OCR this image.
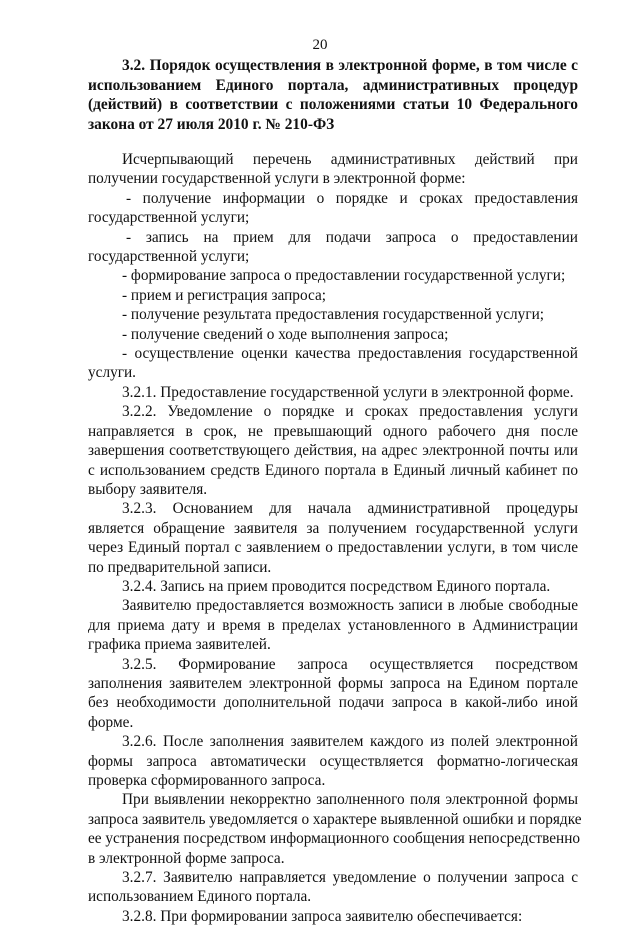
20
3.2. Порядок осуществления в электронной форме, в том числе с
использованием Единого портала, административных процедур
(действий) в соответствии с положениями статьи 10 Федерального
закона от 27 июля 2010 г. № 210-ФЗ
Исчерпывающий перечень административных действий при
получении государственной услуги в электронной форме:
- получение информации о порядке и сроках предоставления
государственной услуги;
- запись на прием для подачи запроса о предоставлении
государственной услуги;
- формирование запроса о предоставлении государственной услуги;
- прием и регистрация запроса;
- получение результата предоставления государственной услуги;
- получение сведений о ходе выполнения запроса;
- осуществление оценки качества предоставления государственной
услуги.
3.2.1. Предоставление государственной услуги в электронной форме.
3.2.2. Уведомление о порядке и сроках предоставления услуги
направляется в срок, не превышающий одного рабочего дня после
завершения соответствующего действия, на адрес электронной почты или
с использованием средств Единого портала в Единый личный кабинет по
выбору заявителя.
3.2.3. Основанием для начала административной процедуры
является обращение заявителя за получением государственной услуги
через Единый портал с заявлением о предоставлении услуги, в том числе
по предварительной записи.
3.2.4. Запись на прием проводится посредством Единого портала.
Заявителю предоставляется возможность записи в любые свободные
для приема дату и время в пределах установленного в Администрации
графика приема заявителей.
3.2.5. Формирование запроса осуществляется посредством
заполнения заявителем электронной формы запроса на Едином портале
без необходимости дополнительной подачи запроса в какой-либо иной
форме.
3.2.6. После заполнения заявителем каждого из полей электронной
формы запроса автоматически осуществляется форматно-логическая
проверка сформированного запроса.
При выявлении некорректно заполненного поля электронной формы
запроса заявитель уведомляется о характере выявленной ошибки и порядке
ее устранения посредством информационного сообщения непосредственно
в электронной форме запроса.
3.2.7. Заявителю направляется уведомление о получении запроса с
использованием Единого портала.
3.2.8. При формировании запроса заявителю обеспечивается:
